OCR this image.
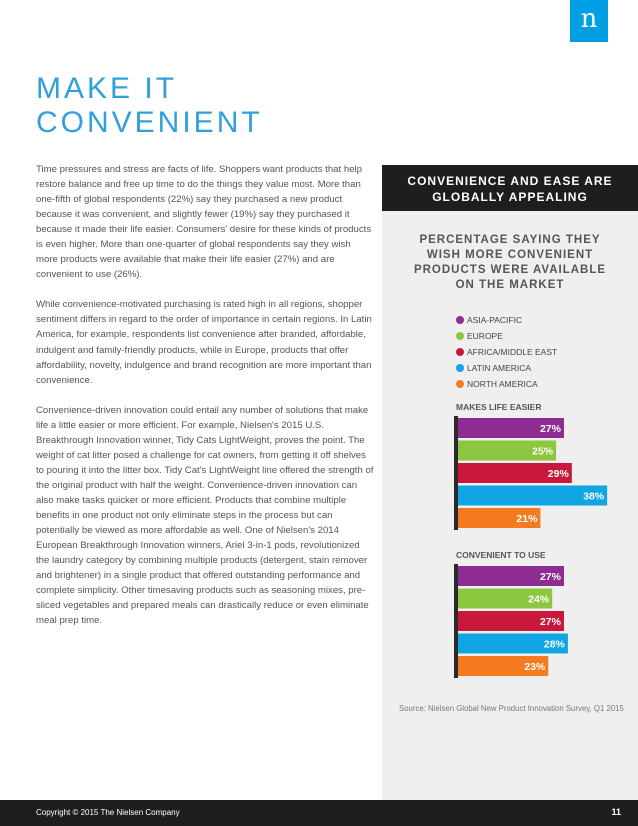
n
MAKE IT
CONVENIENT

Time pressures and stress are facts of life. Shoppers want products that help restore balance and free up time to do the things they value most. More than one-fifth of global respondents (22%) say they purchased a new product because it was convenient, and slightly fewer (19%) say they purchased it because it made their life easier. Consumers' desire for these kinds of products is even higher. More than one-quarter of global respondents say they wish more products were available that make their life easier (27%) and are convenient to use (26%).

While convenience-motivated purchasing is rated high in all regions, shopper sentiment differs in regard to the order of importance in certain regions. In Latin America, for example, respondents list convenience after branded, affordable, indulgent and family-friendly products, while in Europe, products that offer affordability, novelty, indulgence and brand recognition are more important than convenience.

Convenience-driven innovation could entail any number of solutions that make life a little easier or more efficient. For example, Nielsen's 2015 U.S. Breakthrough Innovation winner, Tidy Cats LightWeight, proves the point. The weight of cat litter posed a challenge for cat owners, from getting it off shelves to pouring it into the litter box. Tidy Cat's LightWeight line offered the strength of the original product with half the weight. Convenience-driven innovation can also make tasks quicker or more efficient. Products that combine multiple benefits in one product not only eliminate steps in the process but can potentially be viewed as more affordable as well. One of Nielsen's 2014 European Breakthrough Innovation winners, Ariel 3-in-1 pods, revolutionized the laundry category by combining multiple products (detergent, stain remover and brightener) in a single product that offered outstanding performance and complete simplicity. Other timesaving products such as seasoning mixes, pre-sliced vegetables and prepared meals can drastically reduce or even eliminate meal prep time.

CONVENIENCE AND EASE ARE
GLOBALLY APPEALING
PERCENTAGE SAYING THEY
WISH MORE CONVENIENT
PRODUCTS WERE AVAILABLE
ON THE MARKET
ASIA-PACIFIC
EUROPE
AFRICA/MIDDLE EAST
LATIN AMERICA
NORTH AMERICA
MAKES LIFE EASIER
CONVENIENT TO USE
27%
25%
29%
38%
21%
27%
24%
27%
28%
23%
Source: Nielsen Global New Product Innovation Survey, Q1 2015
Copyright © 2015 The Nielsen Company	11
